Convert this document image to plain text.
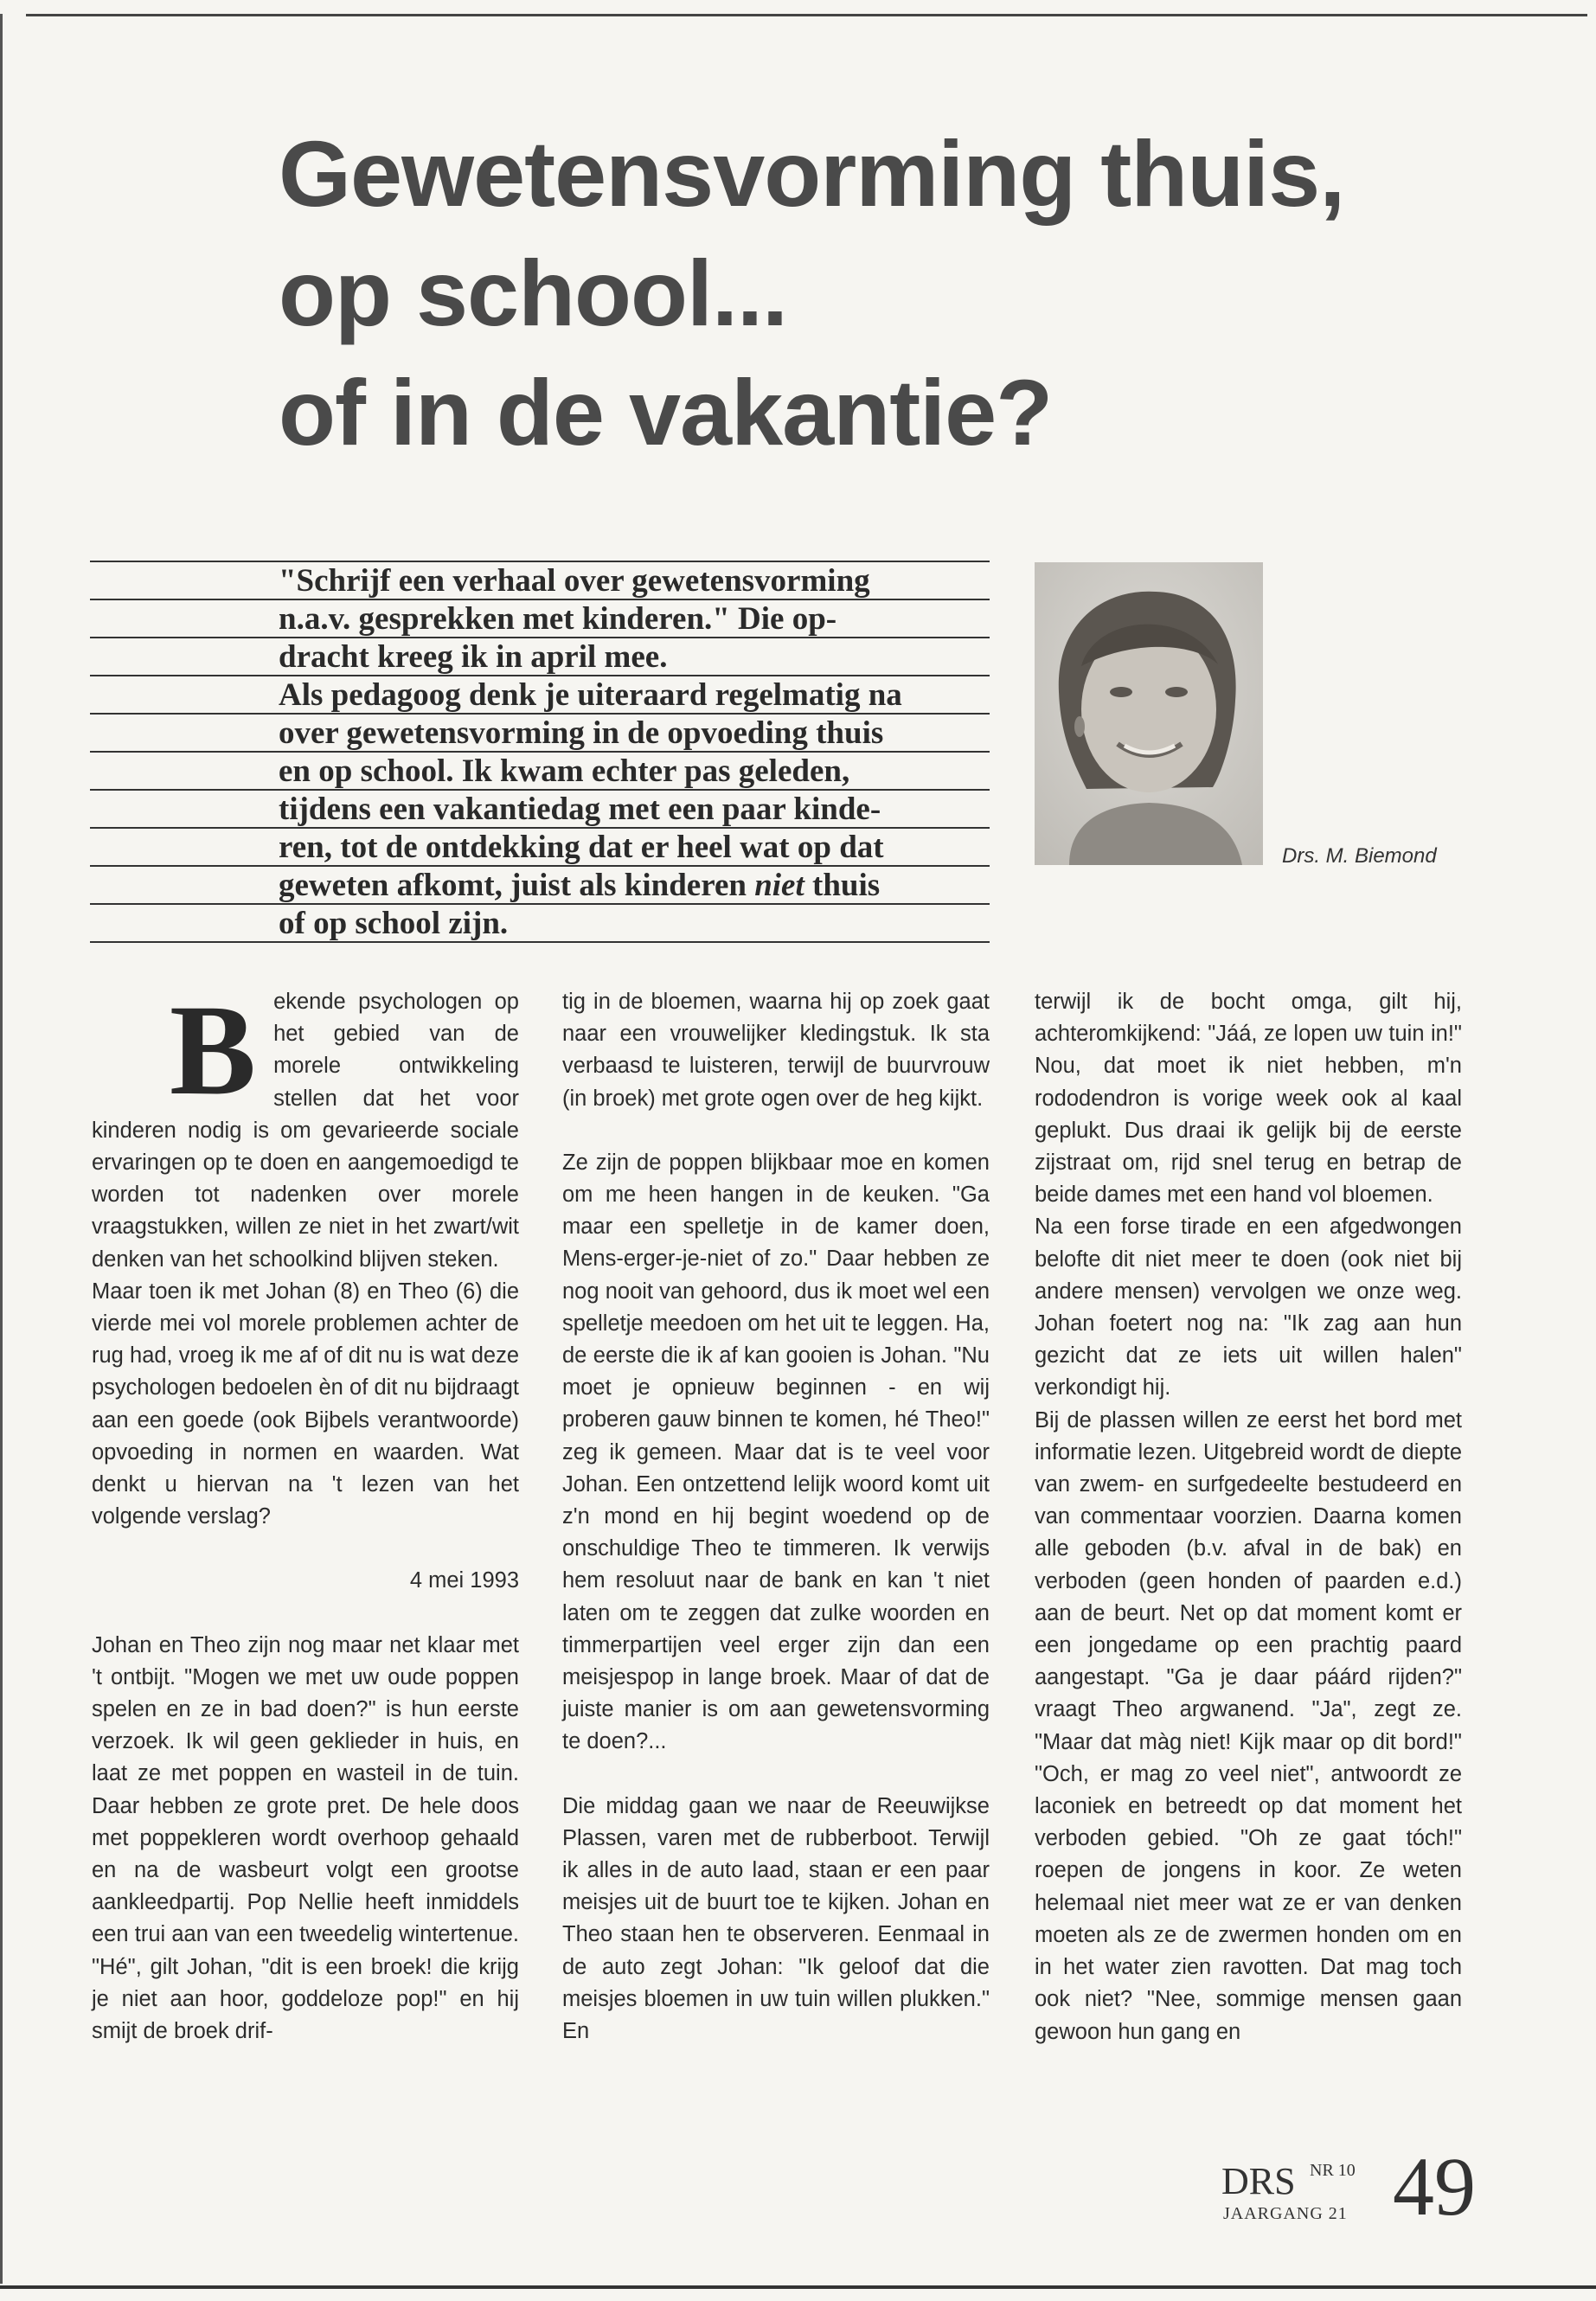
Gewetensvorming thuis,
op school...
of in de vakantie?
"Schrijf een verhaal over gewetensvorming
n.a.v. gesprekken met kinderen." Die op-
dracht kreeg ik in april mee.
Als pedagoog denk je uiteraard regelmatig na
over gewetensvorming in de opvoeding thuis
en op school. Ik kwam echter pas geleden,
tijdens een vakantiedag met een paar kinde-
ren, tot de ontdekking dat er heel wat op dat
geweten afkomt, juist als kinderen niet thuis
of op school zijn.
Drs. M. Biemond
B ekende psychologen op het gebied van de morele ontwikkeling stellen dat het voor kinderen nodig is om gevarieerde sociale ervaringen op te doen en aangemoedigd te worden tot nadenken over morele vraagstukken, willen ze niet in het zwart/wit denken van het schoolkind blijven steken.

Maar toen ik met Johan (8) en Theo (6) die vierde mei vol morele problemen achter de rug had, vroeg ik me af of dit nu is wat deze psychologen bedoelen èn of dit nu bijdraagt aan een goede (ook Bijbels verantwoorde) opvoeding in normen en waarden. Wat denkt u hiervan na 't lezen van het volgende verslag?

4 mei 1993

Johan en Theo zijn nog maar net klaar met 't ontbijt. "Mogen we met uw oude poppen spelen en ze in bad doen?" is hun eerste verzoek. Ik wil geen geklieder in huis, en laat ze met poppen en wasteil in de tuin. Daar hebben ze grote pret. De hele doos met poppekleren wordt overhoop gehaald en na de wasbeurt volgt een grootse aankleedpartij. Pop Nellie heeft inmiddels een trui aan van een tweedelig wintertenue. "Hé", gilt Johan, "dit is een broek! die krijg je niet aan hoor, goddeloze pop!" en hij smijt de broek drif-

tig in de bloemen, waarna hij op zoek gaat naar een vrouwelijker kledingstuk. Ik sta verbaasd te luisteren, terwijl de buurvrouw (in broek) met grote ogen over de heg kijkt.

Ze zijn de poppen blijkbaar moe en komen om me heen hangen in de keuken. "Ga maar een spelletje in de kamer doen, Mens-erger-je-niet of zo." Daar hebben ze nog nooit van gehoord, dus ik moet wel een spelletje meedoen om het uit te leggen. Ha, de eerste die ik af kan gooien is Johan. "Nu moet je opnieuw beginnen - en wij proberen gauw binnen te komen, hé Theo!" zeg ik gemeen. Maar dat is te veel voor Johan. Een ontzettend lelijk woord komt uit z'n mond en hij begint woedend op de onschuldige Theo te timmeren. Ik verwijs hem resoluut naar de bank en kan 't niet laten om te zeggen dat zulke woorden en timmerpartijen veel erger zijn dan een meisjespop in lange broek. Maar of dat de juiste manier is om aan gewetensvorming te doen?...

Die middag gaan we naar de Reeuwijkse Plassen, varen met de rubberboot. Terwijl ik alles in de auto laad, staan er een paar meisjes uit de buurt toe te kijken. Johan en Theo staan hen te observeren. Eenmaal in de auto zegt Johan: "Ik geloof dat die meisjes bloemen in uw tuin willen plukken." En

terwijl ik de bocht omga, gilt hij, achteromkijkend: "Jáá, ze lopen uw tuin in!" Nou, dat moet ik niet hebben, m'n rododendron is vorige week ook al kaal geplukt. Dus draai ik gelijk bij de eerste zijstraat om, rijd snel terug en betrap de beide dames met een hand vol bloemen.

Na een forse tirade en een afgedwongen belofte dit niet meer te doen (ook niet bij andere mensen) vervolgen we onze weg. Johan foetert nog na: "Ik zag aan hun gezicht dat ze iets uit willen halen" verkondigt hij.

Bij de plassen willen ze eerst het bord met informatie lezen. Uitgebreid wordt de diepte van zwem- en surfgedeelte bestudeerd en van commentaar voorzien. Daarna komen alle geboden (b.v. afval in de bak) en verboden (geen honden of paarden e.d.) aan de beurt. Net op dat moment komt er een jongedame op een prachtig paard aangestapt. "Ga je daar páárd rijden?" vraagt Theo argwanend. "Ja", zegt ze. "Maar dat màg niet! Kijk maar op dit bord!" "Och, er mag zo veel niet", antwoordt ze laconiek en betreedt op dat moment het verboden gebied. "Oh ze gaat tóch!" roepen de jongens in koor. Ze weten helemaal niet meer wat ze er van denken moeten als ze de zwermen honden om en in het water zien ravotten. Dat mag toch ook niet? "Nee, sommige mensen gaan gewoon hun gang en

DRS NR 10
JAARGANG 21 49
